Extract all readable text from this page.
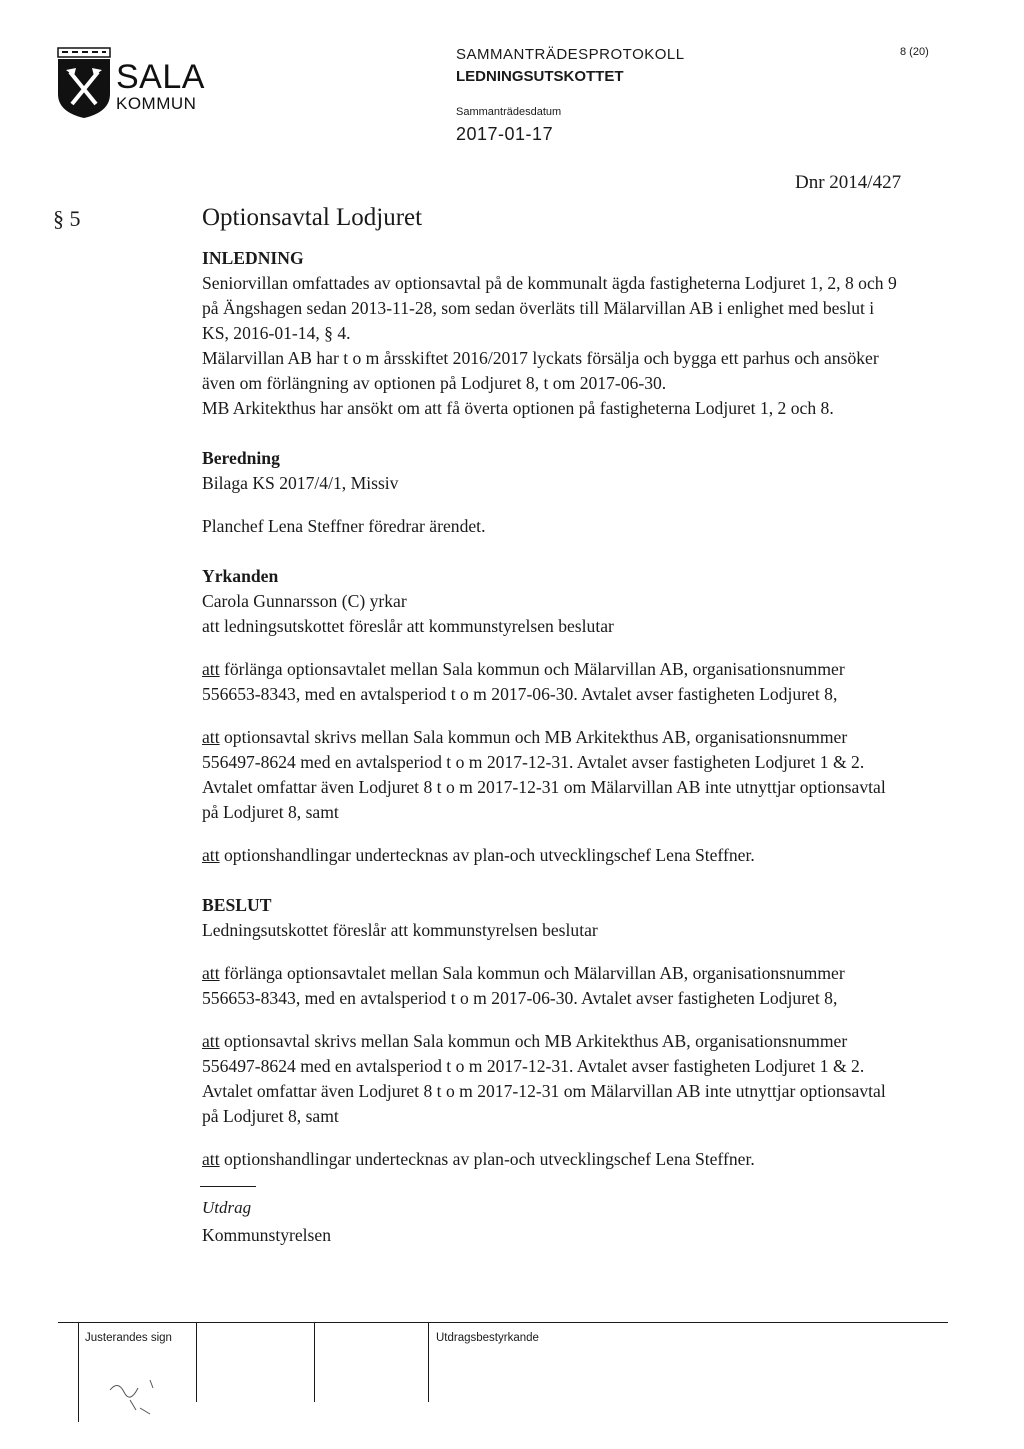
SALA
KOMMUN
SAMMANTRÄDESPROTOKOLL
LEDNINGSUTSKOTTET
Sammanträdesdatum
2017-01-17
8 (20)
Dnr 2014/427
§ 5	Optionsavtal Lodjuret
INLEDNING

Seniorvillan omfattades av optionsavtal på de kommunalt ägda fastigheterna Lodjuret 1, 2, 8 och 9 på Ängshagen sedan 2013-11-28, som sedan överläts till Mälarvillan AB i enlighet med beslut i KS, 2016-01-14, § 4.

Mälarvillan AB har t o m årsskiftet 2016/2017 lyckats försälja och bygga ett parhus och ansöker även om förlängning av optionen på Lodjuret 8, t om 2017-06-30.

MB Arkitekthus har ansökt om att få överta optionen på fastigheterna Lodjuret 1, 2 och 8.

Beredning

Bilaga KS 2017/4/1, Missiv

Planchef Lena Steffner föredrar ärendet.

Yrkanden

Carola Gunnarsson (C) yrkar

att ledningsutskottet föreslår att kommunstyrelsen beslutar

att förlänga optionsavtalet mellan Sala kommun och Mälarvillan AB, organisationsnummer 556653-8343, med en avtalsperiod t o m 2017-06-30. Avtalet avser fastigheten Lodjuret 8,

att optionsavtal skrivs mellan Sala kommun och MB Arkitekthus AB, organisationsnummer 556497-8624 med en avtalsperiod t o m 2017-12-31. Avtalet avser fastigheten Lodjuret 1 & 2. Avtalet omfattar även Lodjuret 8 t o m 2017-12-31 om Mälarvillan AB inte utnyttjar optionsavtal på Lodjuret 8, samt

att optionshandlingar undertecknas av plan-och utvecklingschef Lena Steffner.

BESLUT

Ledningsutskottet föreslår att kommunstyrelsen beslutar

att förlänga optionsavtalet mellan Sala kommun och Mälarvillan AB, organisationsnummer 556653-8343, med en avtalsperiod t o m 2017-06-30. Avtalet avser fastigheten Lodjuret 8,

att optionsavtal skrivs mellan Sala kommun och MB Arkitekthus AB, organisationsnummer 556497-8624 med en avtalsperiod t o m 2017-12-31. Avtalet avser fastigheten Lodjuret 1 & 2. Avtalet omfattar även Lodjuret 8 t o m 2017-12-31 om Mälarvillan AB inte utnyttjar optionsavtal på Lodjuret 8, samt

att optionshandlingar undertecknas av plan-och utvecklingschef Lena Steffner.

Utdrag
Kommunstyrelsen
Justerandes sign	Utdragsbestyrkande
